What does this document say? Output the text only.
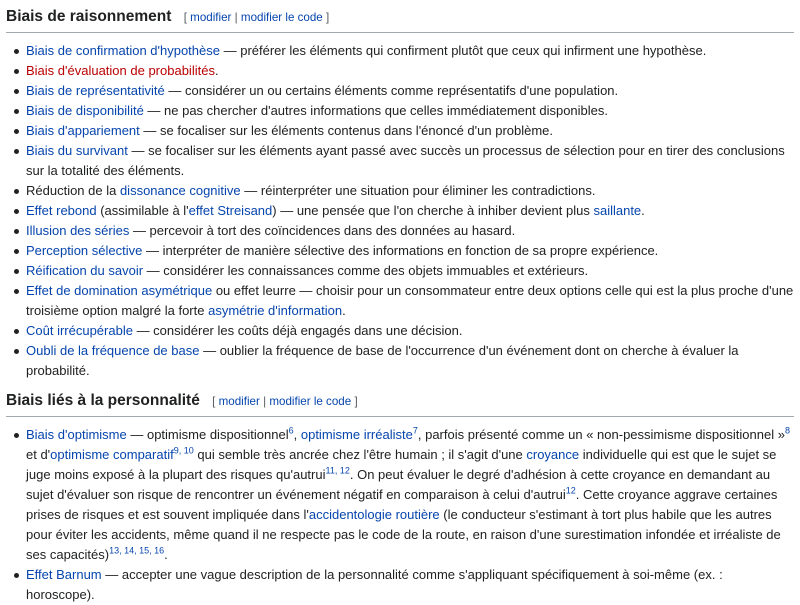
Biais de raisonnement [ modifier | modifier le code ]
Biais de confirmation d'hypothèse — préférer les éléments qui confirment plutôt que ceux qui infirment une hypothèse.
Biais d'évaluation de probabilités.
Biais de représentativité — considérer un ou certains éléments comme représentatifs d'une population.
Biais de disponibilité — ne pas chercher d'autres informations que celles immédiatement disponibles.
Biais d'appariement — se focaliser sur les éléments contenus dans l'énoncé d'un problème.
Biais du survivant — se focaliser sur les éléments ayant passé avec succès un processus de sélection pour en tirer des conclusions sur la totalité des éléments.
Réduction de la dissonance cognitive — réinterpréter une situation pour éliminer les contradictions.
Effet rebond (assimilable à l'effet Streisand) — une pensée que l'on cherche à inhiber devient plus saillante.
Illusion des séries — percevoir à tort des coïncidences dans des données au hasard.
Perception sélective — interpréter de manière sélective des informations en fonction de sa propre expérience.
Réification du savoir — considérer les connaissances comme des objets immuables et extérieurs.
Effet de domination asymétrique ou effet leurre — choisir pour un consommateur entre deux options celle qui est la plus proche d'une troisième option malgré la forte asymétrie d'information.
Coût irrécupérable — considérer les coûts déjà engagés dans une décision.
Oubli de la fréquence de base — oublier la fréquence de base de l'occurrence d'un événement dont on cherche à évaluer la probabilité.
Biais liés à la personnalité [ modifier | modifier le code ]
Biais d'optimisme — optimisme dispositionnel$^6$, optimisme irréaliste$^7$, parfois présenté comme un « non-pessimisme dispositionnel »$^8$ et d'optimisme comparatif$^{9, 10}$ qui semble très ancrée chez l'être humain ; il s'agit d'une croyance individuelle qui est que le sujet se juge moins exposé à la plupart des risques qu'autrui$^{11, 12}$. On peut évaluer le degré d'adhésion à cette croyance en demandant au sujet d'évaluer son risque de rencontrer un événement négatif en comparaison à celui d'autrui$^{12}$. Cette croyance aggrave certaines prises de risques et est souvent impliquée dans l'accidentologie routière (le conducteur s'estimant à tort plus habile que les autres pour éviter les accidents, même quand il ne respecte pas le code de la route, en raison d'une surestimation infondée et irréaliste de ses capacités)$^{13, 14, 15, 16}$.
Effet Barnum — accepter une vague description de la personnalité comme s'appliquant spécifiquement à soi-même (ex. : horoscope).
